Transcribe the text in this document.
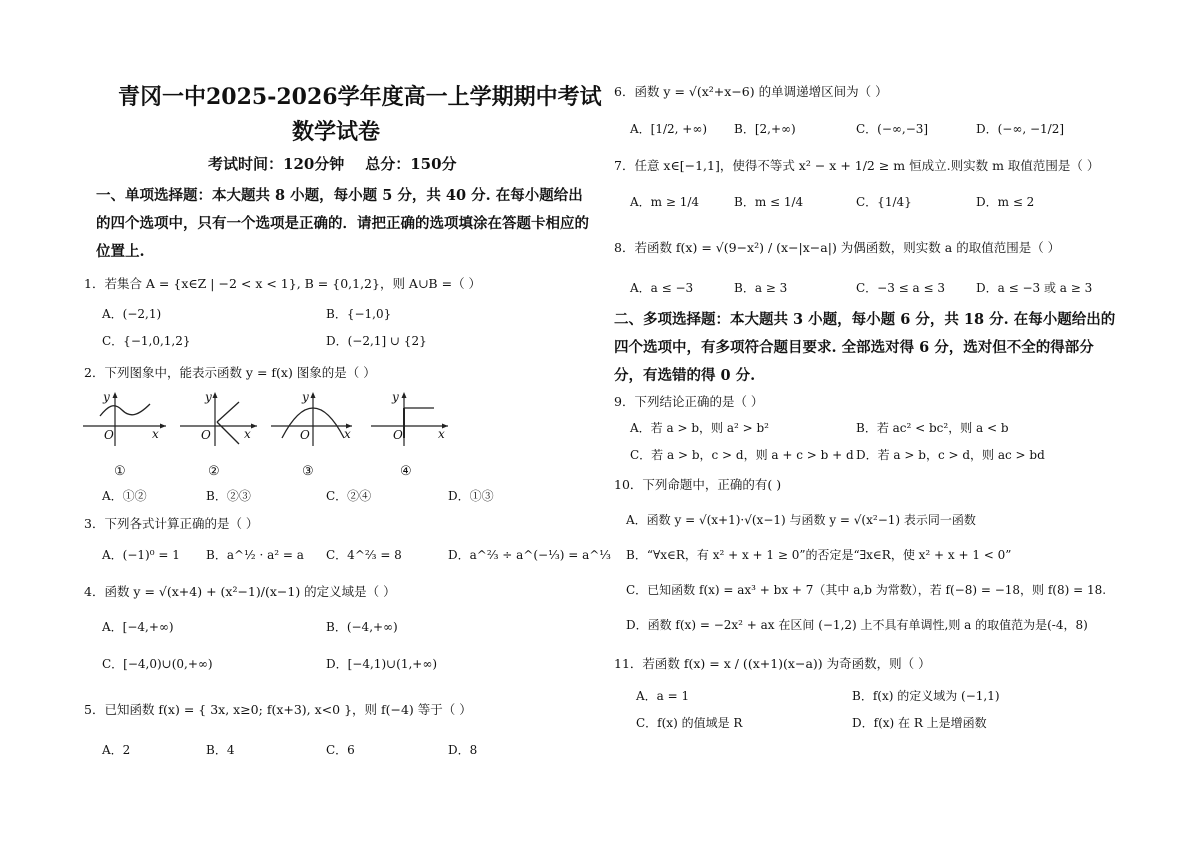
青冈一中2025-2026学年度高一上学期期中考试
数学试卷
考试时间：120分钟    总分：150分
一、单项选择题：本大题共 8 小题，每小题 5 分，共 40 分. 在每小题给出的四个选项中，只有一个选项是正确的．请把正确的选项填涂在答题卡相应的位置上.
1．若集合 A = {x∈Z | −2 < x < 1}, B = {0,1,2}，则 A∪B =（ ）
A．(−2,1)	B．{−1,0}
C．{−1,0,1,2}	D．(−2,1] ∪ {2}
2．下列图象中，能表示函数 y = f(x) 图象的是（ ）
y
O	x
①
y
O	x
②
y
O	x
③
y
O	x
④
A．①②	B．②③	C．②④	D．①③
3．下列各式计算正确的是（ ）
A．(−1)⁰ = 1 B．a^½ · a² = a C．4^⅔ = 8	D．a^⅔ ÷ a^(−⅓) = a^⅓
4．函数 y = √(x+4) + (x²−1)/(x−1) 的定义域是（ ）
A．[−4,+∞)	B．(−4,+∞)
C．[−4,0)∪(0,+∞)	D．[−4,1)∪(1,+∞)
5．已知函数 f(x) = { 3x, x≥0; f(x+3), x<0 }，则 f(−4) 等于（ ）
A．2	B．4	C．6	D．8
6．函数 y = √(x²+x−6) 的单调递增区间为（ ）
A．[1/2, +∞) B．[2,+∞)	C．(−∞,−3]	D．(−∞, −1/2]
7．任意 x∈[−1,1]，使得不等式 x² − x + 1/2 ≥ m 恒成立.则实数 m 取值范围是（ ）
A．m ≥ 1/4	B．m ≤ 1/4	C．{1/4}	D．m ≤ 2
8．若函数 f(x) = √(9−x²) / (x−|x−a|) 为偶函数，则实数 a 的取值范围是（ ）
A．a ≤ −3	B．a ≥ 3	C．−3 ≤ a ≤ 3	D．a ≤ −3 或 a ≥ 3
二、多项选择题：本大题共 3 小题，每小题 6 分，共 18 分. 在每小题给出的四个选项中，有多项符合题目要求. 全部选对得 6 分，选对但不全的得部分分，有选错的得 0 分.
9．下列结论正确的是（ ）
A．若 a > b，则 a² > b²	B．若 ac² < bc²，则 a < b
C．若 a > b，c > d，则 a + c > b + d D．若 a > b，c > d，则 ac > bd
10．下列命题中，正确的有( )
A．函数 y = √(x+1)·√(x−1) 与函数 y = √(x²−1) 表示同一函数
B．“∀x∈R，有 x² + x + 1 ≥ 0”的否定是“∃x∈R，使 x² + x + 1 < 0”
C．已知函数 f(x) = ax³ + bx + 7（其中 a,b 为常数），若 f(−8) = −18，则 f(8) = 18.
D．函数 f(x) = −2x² + ax 在区间 (−1,2) 上不具有单调性,则 a 的取值范为是(-4，8)
11．若函数 f(x) = x / ((x+1)(x−a)) 为奇函数，则（ ）
A．a = 1	B．f(x) 的定义域为 (−1,1)
C．f(x) 的值域是 R	D．f(x) 在 R 上是增函数
